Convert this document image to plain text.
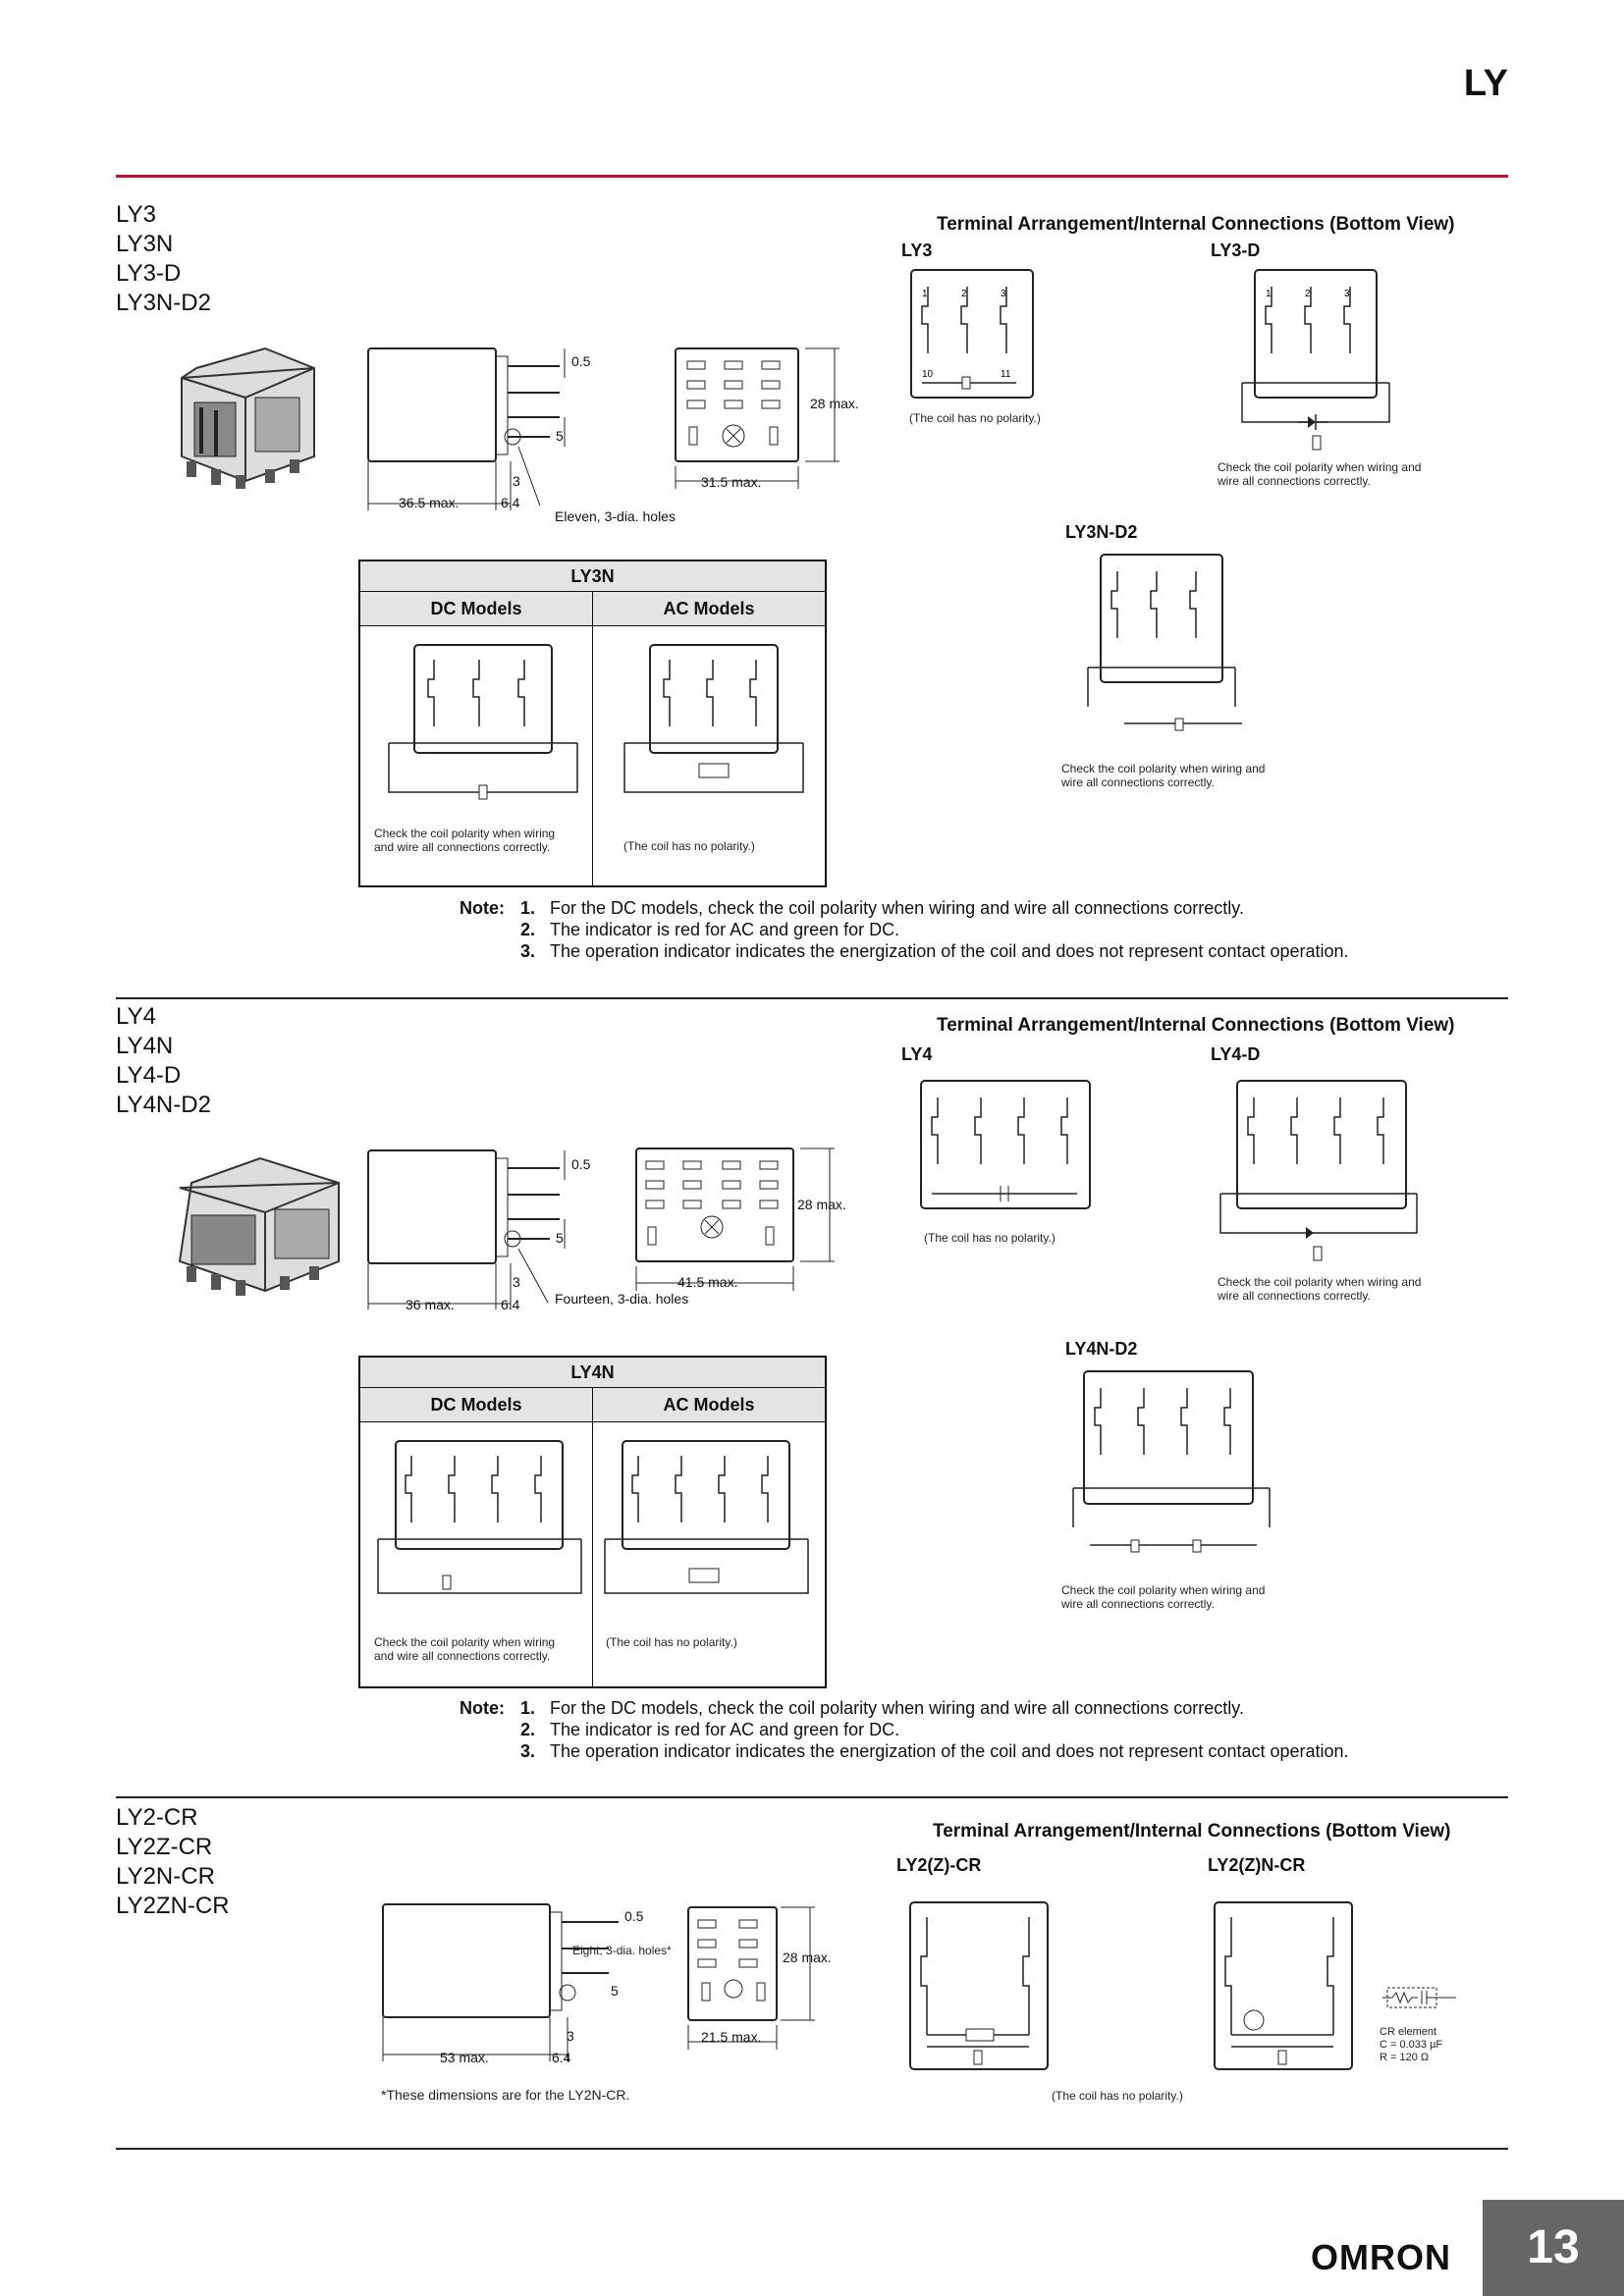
LY
LY3
LY3N
LY3-D
LY3N-D2
0.5
5
3
6.4
36.5 max.
Eleven, 3-dia. holes
28 max.
31.5 max.
Terminal Arrangement/Internal Connections (Bottom View)
LY3	LY3-D
1	2	3
10	11
(The coil has no polarity.)
1	2	3
Check the coil polarity when wiring and wire all connections correctly.
LY3N-D2
Check the coil polarity when wiring and wire all connections correctly.
LY3N
DC Models	AC Models
Check the coil polarity when wiring and wire all connections correctly.	(The coil has no polarity.)
Note: 1. For the DC models, check the coil polarity when wiring and wire all connections correctly.
2. The indicator is red for AC and green for DC.
3. The operation indicator indicates the energization of the coil and does not represent contact operation.
LY4
LY4N
LY4-D
LY4N-D2
0.5
5
3
6.4
36 max.	Fourteen, 3-dia. holes
28 max.
41.5 max.
Terminal Arrangement/Internal Connections (Bottom View)
LY4	LY4-D
(The coil has no polarity.)
Check the coil polarity when wiring and wire all connections correctly.
LY4N-D2
Check the coil polarity when wiring and wire all connections correctly.
LY4N
DC Models	AC Models
Check the coil polarity when wiring and wire all connections correctly.
(The coil has no polarity.)
Note: 1. For the DC models, check the coil polarity when wiring and wire all connections correctly.
2. The indicator is red for AC and green for DC.
3. The operation indicator indicates the energization of the coil and does not represent contact operation.
LY2-CR
LY2Z-CR
LY2N-CR
LY2ZN-CR	0.5
5
3
6.4
53 max.
Eight, 3-dia. holes*	28 max.
21.5 max.
*These dimensions are for the LY2N-CR.
Terminal Arrangement/Internal Connections (Bottom View)
LY2(Z)-CR	LY2(Z)N-CR
(The coil has no polarity.)
CR element
C = 0.033 µF
R = 120 Ω
OMRON	13
